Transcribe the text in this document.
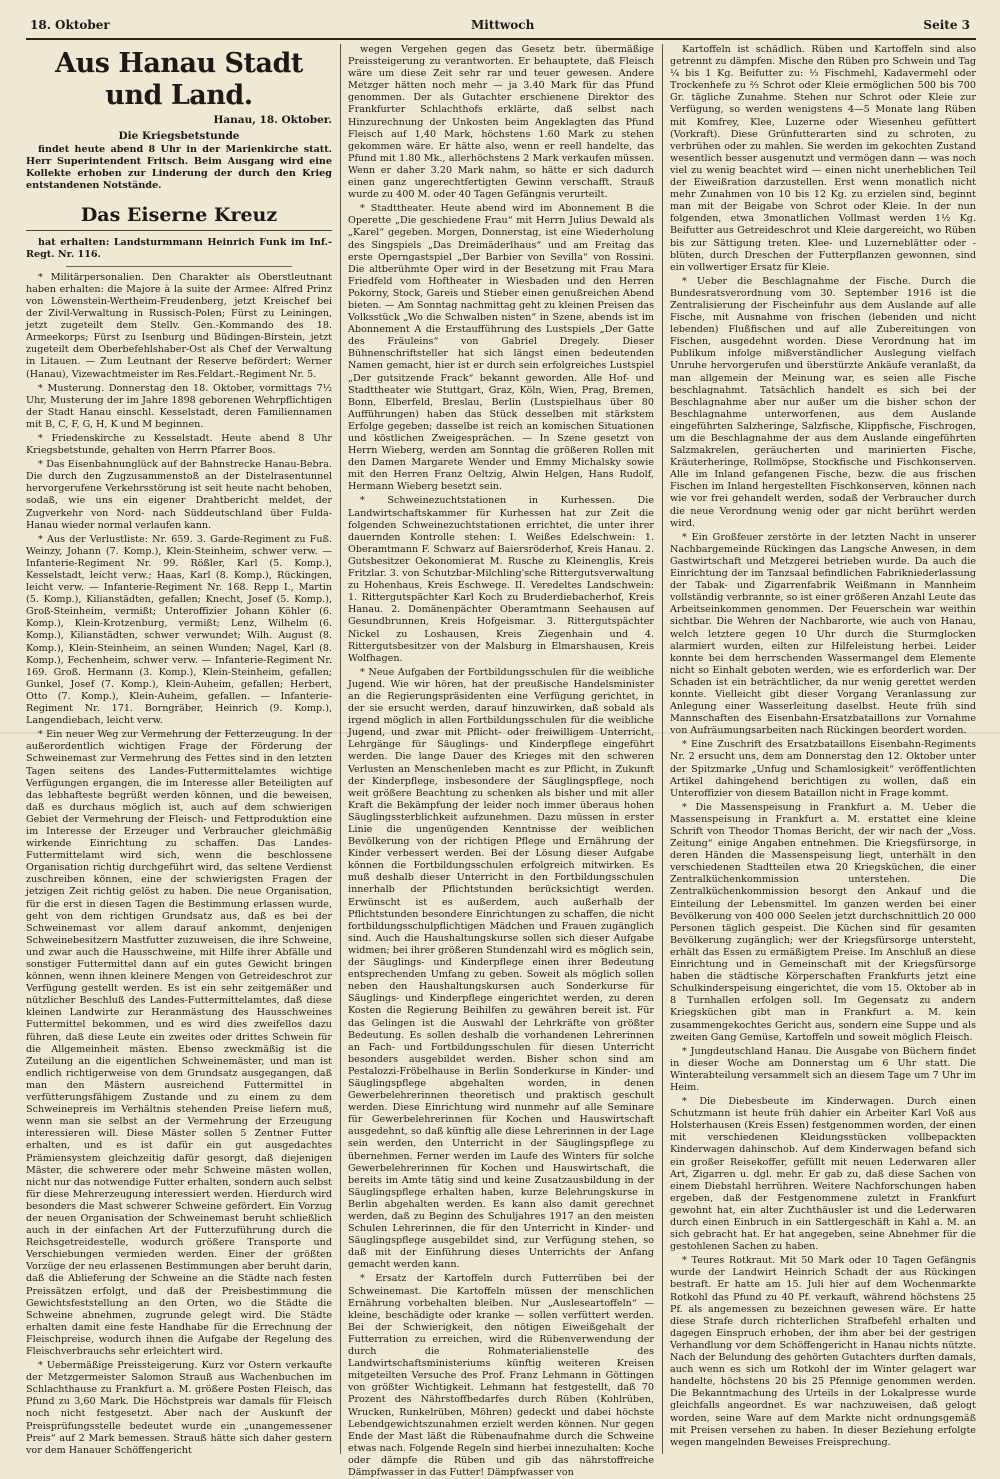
18. Oktober	Mittwoch	Seite 3
Aus Hanau Stadt und Land.
Hanau, 18. Oktober.
Die Kriegsbetstunde

findet heute abend 8 Uhr in der Marienkirche statt. Herr Superintendent Fritsch. Beim Ausgang wird eine Kollekte erhoben zur Linderung der durch den Krieg entstandenen Notstände.

Das Eiserne Kreuz

hat erhalten: Landsturmmann Heinrich Funk im Inf.-Regt. Nr. 116.

* Militärpersonalien. Den Charakter als Oberstleutnant haben erhalten: die Majore à la suite der Armee: Alfred Prinz von Löwenstein-Wertheim-Freudenberg, jetzt Kreischef bei der Zivil-Verwaltung in Russisch-Polen; Fürst zu Leiningen, jetzt zugeteilt dem Stellv. Gen.-Kommando des 18. Armeekorps; Fürst zu Isenburg und Büdingen-Birstein, jetzt zugeteilt dem Oberbefehlshaber-Ost als Chef der Verwaltung in Litauen. — Zum Leutnant der Reserve befördert: Werner (Hanau), Vizewachtmeister im Res.Feldart.-Regiment Nr. 5.

* Musterung. Donnerstag den 18. Oktober, vormittags 7½ Uhr, Musterung der im Jahre 1898 geborenen Wehrpflichtigen der Stadt Hanau einschl. Kesselstadt, deren Familiennamen mit B, C, F, G, H, K und M beginnen.

* Friedenskirche zu Kesselstadt. Heute abend 8 Uhr Kriegsbetstunde, gehalten von Herrn Pfarrer Boos.

* Das Eisenbahnunglück auf der Bahnstrecke Hanau-Bebra. Die durch den Zugzusammenstoß an der Distelrasentunnel hervorgerufene Verkehrsstörung ist seit heute nacht behoben, sodaß, wie uns ein eigener Drahtbericht meldet, der Zugverkehr von Nord- nach Süddeutschland über Fulda-Hanau wieder normal verlaufen kann.

* Aus der Verlustliste: Nr. 659. 3. Garde-Regiment zu Fuß. Weinzy, Johann (7. Komp.), Klein-Steinheim, schwer verw. — Infanterie-Regiment Nr. 99. Rößler, Karl (5. Komp.), Kesselstadt, leicht verw.; Haas, Karl (8. Komp.), Rückingen, leicht verw. — Infanterie-Regiment Nr. 168. Repp I., Martin (5. Komp.), Kilianstädten, gefallen; Knecht, Josef (5. Komp.), Groß-Steinheim, vermißt; Unteroffizier Johann Köhler (6. Komp.), Klein-Krotzenburg, vermißt; Lenz, Wilhelm (6. Komp.), Kilianstädten, schwer verwundet; Wilh. August (8. Komp.), Klein-Steinheim, an seinen Wunden; Nagel, Karl (8. Komp.), Fechenheim, schwer verw. — Infanterie-Regiment Nr. 169. Groß. Hermann (3. Komp.), Klein-Steinheim, gefallen; Gunkel, Josef (7. Komp.), Klein-Auheim, gefallen; Herbert, Otto (7. Komp.), Klein-Auheim, gefallen. — Infanterie-Regiment Nr. 171. Borngräber, Heinrich (9. Komp.), Langendiebach, leicht verw.

* Ein neuer Weg zur Vermehrung der Fetterzeugung. In der außerordentlich wichtigen Frage der Förderung der Schweinemast zur Vermehrung des Fettes sind in den letzten Tagen seitens des Landes-Futtermittelamtes wichtige Verfügungen ergangen, die im Interesse aller Beteiligten auf das lebhafteste begrüßt werden können, und die beweisen, daß es durchaus möglich ist, auch auf dem schwierigen Gebiet der Vermehrung der Fleisch- und Fettproduktion eine im Interesse der Erzeuger und Verbraucher gleichmäßig wirkende Einrichtung zu schaffen. Das Landes-Futtermittelamt wird sich, wenn die beschlossene Organisation richtig durchgeführt wird, das seltene Verdienst zuschreiben können, eine der schwierigsten Fragen der jetzigen Zeit richtig gelöst zu haben. Die neue Organisation, für die erst in diesen Tagen die Bestimmung erlassen wurde, geht von dem richtigen Grundsatz aus, daß es bei der Schweinemast vor allem darauf ankommt, denjenigen Schweinebesitzern Mastfutter zuzuweisen, die ihre Schweine, und zwar auch die Hausschweine, mit Hilfe ihrer Abfälle und sonstiger Futtermittel dann auf ein gutes Gewicht bringen können, wenn ihnen kleinere Mengen von Getreideschrot zur Verfügung gestellt werden. Es ist ein sehr zeitgemäßer und nützlicher Beschluß des Landes-Futtermittelamtes, daß diese kleinen Landwirte zur Heranmästung des Hausschweines Futtermittel bekommen, und es wird dies zweifellos dazu führen, daß diese Leute ein zweites oder drittes Schwein für die Allgemeinheit mästen. Ebenso zweckmäßig ist die Zuteilung an die eigentlichen Schweinemäster, und man ist endlich richtigerweise von dem Grundsatz ausgegangen, daß man den Mästern ausreichend Futtermittel in verfütterungsfähigem Zustande und zu einem zu dem Schweinepreis im Verhältnis stehenden Preise liefern muß, wenn man sie selbst an der Vermehrung der Erzeugung interessieren will. Diese Mäster sollen 5 Zentner Futter erhalten, und es ist dafür ein gut ausgedachtes Prämiensystem gleichzeitig dafür gesorgt, daß diejenigen Mäster, die schwerere oder mehr Schweine mästen wollen, nicht nur das notwendige Futter erhalten, sondern auch selbst für diese Mehrerzeugung interessiert werden. Hierdurch wird besonders die Mast schwerer Schweine gefördert. Ein Vorzug der neuen Organisation der Schweinemast beruht schließlich auch in der einfachen Art der Futterzuführung durch die Reichsgetreidestelle, wodurch größere Transporte und Verschiebungen vermieden werden. Einer der größten Vorzüge der neu erlassenen Bestimmungen aber beruht darin, daß die Ablieferung der Schweine an die Städte nach festen Preissätzen erfolgt, und daß der Preisbestimmung die Gewichtsfeststellung an den Orten, wo die Städte die Schweine abnehmen, zugrunde gelegt wird. Die Städte erhalten damit eine feste Handhabe für die Errechnung der Fleischpreise, wodurch ihnen die Aufgabe der Regelung des Fleischverbrauchs sehr erleichtert wird.

* Uebermäßige Preissteigerung. Kurz vor Ostern verkaufte der Metzgermeister Salomon Strauß aus Wachenbuchen im Schlachthause zu Frankfurt a. M. größere Posten Fleisch, das Pfund zu 3,60 Mark. Die Höchstpreis war damals für Fleisch noch nicht festgesetzt. Aber nach der Auskunft der Preisprüfungsstelle bedeutet wurde ein „unangemessener Preis“ auf 2 Mark bemessen. Strauß hätte sich daher gestern vor dem Hanauer Schöffengericht

wegen Vergehen gegen das Gesetz betr. übermäßige Preissteigerung zu verantworten. Er behauptete, daß Fleisch wäre um diese Zeit sehr rar und teuer gewesen. Andere Metzger hätten noch mehr — ja 3.40 Mark für das Pfund genommen. Der als Gutachter erschienene Direktor des Frankfurter Schlachthofs erklärte, daß selbst nach Hinzurechnung der Unkosten beim Angeklagten das Pfund Fleisch auf 1,40 Mark, höchstens 1.60 Mark zu stehen gekommen wäre. Er hätte also, wenn er reell handelte, das Pfund mit 1.80 Mk., allerhöchstens 2 Mark verkaufen müssen. Wenn er daher 3.20 Mark nahm, so hätte er sich dadurch einen ganz ungerechtfertigten Gewinn verschafft. Strauß wurde zu 400 M. oder 40 Tagen Gefängnis verurteilt.

* Stadttheater. Heute abend wird im Abonnement B die Operette „Die geschiedene Frau“ mit Herrn Julius Dewald als „Karel“ gegeben. Morgen, Donnerstag, ist eine Wiederholung des Singspiels „Das Dreimäderlhaus“ und am Freitag das erste Operngastspiel „Der Barbier von Sevilla“ von Rossini. Die altberühmte Oper wird in der Besetzung mit Frau Mara Friedfeld vom Hoftheater in Wiesbaden und den Herren Pokorny, Stock, Gareis und Stieber einen genußreichen Abend bieten. — Am Sonntag nachmittag geht zu kleinen Preisen das Volksstück „Wo die Schwalben nisten“ in Szene, abends ist im Abonnement A die Erstaufführung des Lustspiels „Der Gatte des Fräuleins“ von Gabriel Dregely. Dieser Bühnenschriftsteller hat sich längst einen bedeutenden Namen gemacht, hier ist er durch sein erfolgreiches Lustspiel „Der gutsitzende Frack“ bekannt geworden. Alle Hof- und Stadttheater wie Stuttgart, Graz, Köln, Wien, Prag, Bremen, Bonn, Elberfeld, Breslau, Berlin (Lustspielhaus über 80 Aufführungen) haben das Stück desselben mit stärkstem Erfolge gegeben; dasselbe ist reich an komischen Situationen und köstlichen Zweigesprächen. — In Szene gesetzt von Herrn Wieberg, werden am Sonntag die größeren Rollen mit den Damen Margarete Wender und Emmy Michalsky sowie mit den Herren Franz Oeltzig, Alwin Helgen, Hans Rudolf, Hermann Wieberg besetzt sein.

* Schweinezuchtstationen in Kurhessen. Die Landwirtschaftskammer für Kurhessen hat zur Zeit die folgenden Schweinezuchtstationen errichtet, die unter ihrer dauernden Kontrolle stehen: I. Weißes Edelschwein: 1. Oberamtmann F. Schwarz auf Baiersröderhof, Kreis Hanau. 2. Gutsbesitzer Oekonomierat M. Rusche zu Kleinenglis, Kreis Fritzlar. 3. von Schutzbar-Milchling'sche Rittergutsverwaltung zu Hohenhaus, Kreis Eschwege. II. Veredeltes Landschwein: 1. Rittergutspächter Karl Koch zu Bruderdiebacherhof, Kreis Hanau. 2. Domänenpächter Oberamtmann Seehausen auf Gesundbrunnen, Kreis Hofgeismar. 3. Rittergutspächter Nickel zu Loshausen, Kreis Ziegenhain und 4. Rittergutsbesitzer von der Malsburg in Elmarshausen, Kreis Wolfhagen.

* Neue Aufgaben der Fortbildungsschulen für die weibliche Jugend. Wie wir hören, hat der preußische Handelsminister an die Regierungspräsidenten eine Verfügung gerichtet, in der sie ersucht werden, darauf hinzuwirken, daß sobald als irgend möglich in allen Fortbildungsschulen für die weibliche Jugend, und zwar mit Pflicht- oder freiwilligem Unterricht, Lehrgänge für Säuglings- und Kinderpflege eingeführt werden. Die lange Dauer des Krieges mit den schweren Verlusten an Menschenleben macht es zur Pflicht, in Zukunft der Kinderpflege, insbesondere der Säuglingspflege, noch weit größere Beachtung zu schenken als bisher und mit aller Kraft die Bekämpfung der leider noch immer überaus hohen Säuglingssterblichkeit aufzunehmen. Dazu müssen in erster Linie die ungenügenden Kenntnisse der weiblichen Bevölkerung von der richtigen Pflege und Ernährung der Kinder verbessert werden. Bei der Lösung dieser Aufgabe können die Fortbildungsschulen erfolgreich mitwirken. Es muß deshalb dieser Unterricht in den Fortbildungsschulen innerhalb der Pflichtstunden berücksichtigt werden. Erwünscht ist es außerdem, auch außerhalb der Pflichtstunden besondere Einrichtungen zu schaffen, die nicht fortbildungsschulpflichtigen Mädchen und Frauen zugänglich sind. Auch die Haushaltungskurse sollen sich dieser Aufgabe widmen; bei ihrer größeren Stundenzahl wird es möglich sein, der Säuglings- und Kinderpflege einen ihrer Bedeutung entsprechenden Umfang zu geben. Soweit als möglich sollen neben den Haushaltungskursen auch Sonderkurse für Säuglings- und Kinderpflege eingerichtet werden, zu deren Kosten die Regierung Beihilfen zu gewähren bereit ist. Für das Gelingen ist die Auswahl der Lehrkräfte von größter Bedeutung. Es sollen deshalb die vorhandenen Lehrerinnen an Fach- und Fortbildungsschulen für diesen Unterricht besonders ausgebildet werden. Bisher schon sind am Pestalozzi-Fröbelhause in Berlin Sonderkurse in Kinder- und Säuglingspflege abgehalten worden, in denen Gewerbelehrerinnen theoretisch und praktisch geschult werden. Diese Einrichtung wird nunmehr auf alle Seminare für Gewerbelehrerinnen für Kochen und Hauswirtschaft ausgedehnt, so daß künftig alle diese Lehrerinnen in der Lage sein werden, den Unterricht in der Säuglingspflege zu übernehmen. Ferner werden im Laufe des Winters für solche Gewerbelehrerinnen für Kochen und Hauswirtschaft, die bereits im Amte tätig sind und keine Zusatzausbildung in der Säuglingspflege erhalten haben, kurze Belehrungskurse in Berlin abgehalten werden. Es kann also damit gerechnet werden, daß zu Beginn des Schuljahres 1917 an den meisten Schulen Lehrerinnen, die für den Unterricht in Kinder- und Säuglingspflege ausgebildet sind, zur Verfügung stehen, so daß mit der Einführung dieses Unterrichts der Anfang gemacht werden kann.

* Ersatz der Kartoffeln durch Futterrüben bei der Schweinemast. Die Kartoffeln müssen der menschlichen Ernährung vorbehalten bleiben. Nur „Ausleseartoffeln“ — kleine, beschädigte oder kranke — sollen verfüttert werden. Bei der Schwierigkeit, den nötigen Eiweißgehalt der Futterration zu erreichen, wird die Rübenverwendung der durch die Rohmaterialienstelle des Landwirtschaftsministeriums künftig weiteren Kreisen mitgeteilten Versuche des Prof. Franz Lehmann in Göttingen von größter Wichtigkeit. Lehmann hat festgestellt, daß 70 Prozent des Nährstoffbedarfes durch Rüben (Kohlrüben, Wrucken, Runkelrüben, Möhren) gedeckt und dabei höchste Lebendgewichtszunahmen erzielt werden können. Nur gegen Ende der Mast läßt die Rübenaufnahme durch die Schweine etwas nach. Folgende Regeln sind hierbei innezuhalten: Koche oder dämpfe die Rüben und gib das nährstoffreiche Dämpfwasser in das Futter! Dämpfwasser von

Kartoffeln ist schädlich. Rüben und Kartoffeln sind also getrennt zu dämpfen. Mische den Rüben pro Schwein und Tag ¼ bis 1 Kg. Beifutter zu: ⅓ Fischmehl, Kadavermehl oder Trockenhefe zu ⅔ Schrot oder Kleie ermöglichen 500 bis 700 Gr. tägliche Zunahme. Stehen nur Schrot oder Kleie zur Verfügung, so werden wenigstens 4—5 Monate lang Rüben mit Komfrey, Klee, Luzerne oder Wiesenheu gefüttert (Vorkraft). Diese Grünfutterarten sind zu schroten, zu verbrühen oder zu mahlen. Sie werden im gekochten Zustand wesentlich besser ausgenutzt und vermögen dann — was noch viel zu wenig beachtet wird — einen nicht unerheblichen Teil der Eiweißration darzustellen. Erst wenn monatlich nicht mehr Zunahmen von 10 bis 12 Kg. zu erzielen sind, beginnt man mit der Beigabe von Schrot oder Kleie. In der nun folgenden, etwa 3monatlichen Vollmast werden 1½ Kg. Beifutter aus Getreideschrot und Kleie dargereicht, wo Rüben bis zur Sättigung treten. Klee- und Luzerneblätter oder -blüten, durch Dreschen der Futterpflanzen gewonnen, sind ein vollwertiger Ersatz für Kleie.

* Ueber die Beschlagnahme der Fische. Durch die Bundesratsverordnung vom 30. September 1916 ist die Zentralisierung der Fischeinfuhr aus dem Auslande auf alle Fische, mit Ausnahme von frischen (lebenden und nicht lebenden) Flußfischen und auf alle Zubereitungen von Fischen, ausgedehnt worden. Diese Verordnung hat im Publikum infolge mißverständlicher Auslegung vielfach Unruhe hervorgerufen und überstürzte Ankäufe veranlaßt, da man allgemein der Meinung war, es seien alle Fische beschlagnahmt. Tatsächlich handelt es sich bei der Beschlagnahme aber nur außer um die bisher schon der Beschlagnahme unterworfenen, aus dem Auslande eingeführten Salzheringe, Salzfische, Klippfische, Fischrogen, um die Beschlagnahme der aus dem Auslande eingeführten Salzmakrelen, geräucherten und marinierten Fische, Kräuterheringe, Rollmöpse, Stockfische und Fischkonserven. Alle im Inland gefangenen Fische, bezw. die aus frischen Fischen im Inland hergestellten Fischkonserven, können nach wie vor frei gehandelt werden, sodaß der Verbraucher durch die neue Verordnung wenig oder gar nicht berührt werden wird.

* Ein Großfeuer zerstörte in der letzten Nacht in unserer Nachbargemeinde Rückingen das Langsche Anwesen, in dem Gastwirtschaft und Metzgerei betrieben wurde. Da auch die Einrichtung der im Tanzsaal befindlichen Fabrikniederlassung der Tabak- und Zigarrenfabrik Weißmann in Mannheim vollständig verbrannte, so ist einer größeren Anzahl Leute das Arbeitseinkommen genommen. Der Feuerschein war weithin sichtbar. Die Wehren der Nachbarorte, wie auch von Hanau, welch letztere gegen 10 Uhr durch die Sturmglocken alarmiert wurden, eilten zur Hilfeleistung herbei. Leider konnte bei dem herrschenden Wassermangel dem Elemente nicht so Einhalt geboten werden, wie es erforderlich war. Der Schaden ist ein beträchtlicher, da nur wenig gerettet werden konnte. Vielleicht gibt dieser Vorgang Veranlassung zur Anlegung einer Wasserleitung daselbst. Heute früh sind Mannschaften des Eisenbahn-Ersatzbataillons zur Vornahme von Aufräumungsarbeiten nach Rückingen beordert worden.

* Eine Zuschrift des Ersatzbataillons Eisenbahn-Regiments Nr. 2 ersucht uns, dem am Donnerstag den 12. Oktober unter der Spitzmarke „Unfug und Schamlosigkeit“ veröffentlichten Artikel dahingehend berichtigen zu wollen, daß ein Unteroffizier von diesem Bataillon nicht in Frage kommt.

* Die Massenspeisung in Frankfurt a. M. Ueber die Massenspeisung in Frankfurt a. M. erstattet eine kleine Schrift von Theodor Thomas Bericht, der wir nach der „Voss. Zeitung“ einige Angaben entnehmen. Die Kriegsfürsorge, in deren Händen die Massenspeisung liegt, unterhält in den verschiedenen Stadtteilen etwa 20 Kriegsküchen, die einer Zentralküchenkommission unterstehen. Die Zentralküchenkommission besorgt den Ankauf und die Einteilung der Lebensmittel. Im ganzen werden bei einer Bevölkerung von 400 000 Seelen jetzt durchschnittlich 20 000 Personen täglich gespeist. Die Küchen sind für gesamten Bevölkerung zugänglich; wer der Kriegsfürsorge untersteht, erhält das Essen zu ermäßigtem Preise. Im Anschluß an diese Einrichtung und in Gemeinschaft mit der Kriegsfürsorge haben die städtische Körperschaften Frankfurts jetzt eine Schulkinderspeisung eingerichtet, die vom 15. Oktober ab in 8 Turnhallen erfolgen soll. Im Gegensatz zu andern Kriegsküchen gibt man in Frankfurt a. M. kein zusammengekochtes Gericht aus, sondern eine Suppe und als zweiten Gang Gemüse, Kartoffeln und soweit möglich Fleisch.

* Jungdeutschland Hanau. Die Ausgabe von Büchern findet in dieser Woche am Donnerstag um 6 Uhr statt. Die Winterabteilung versammelt sich an diesem Tage um 7 Uhr im Heim.

* Die Diebesbeute im Kinderwagen. Durch einen Schutzmann ist heute früh dahier ein Arbeiter Karl Voß aus Holsterhausen (Kreis Essen) festgenommen worden, der einen mit verschiedenen Kleidungsstücken vollbepackten Kinderwagen dahinschob. Auf dem Kinderwagen befand sich ein großer Reisekoffer, gefüllt mit neuen Lederwaren aller Art, Zigarren u. dgl. mehr. Er gab zu, daß diese Sachen von einem Diebstahl herrühren. Weitere Nachforschungen haben ergeben, daß der Festgenommene zuletzt in Frankfurt gewohnt hat, ein alter Zuchthäusler ist und die Lederwaren durch einen Einbruch in ein Sattlergeschäft in Kahl a. M. an sich gebracht hat. Er hat angegeben, seine Abnehmer für die gestohlenen Sachen zu haben.

* Teures Rotkraut. Mit 50 Mark oder 10 Tagen Gefängnis wurde der Landwirt Heinrich Schadt der aus Rückingen bestraft. Er hatte am 15. Juli hier auf dem Wochenmarkte Rotkohl das Pfund zu 40 Pf. verkauft, während höchstens 25 Pf. als angemessen zu bezeichnen gewesen wäre. Er hatte diese Strafe durch richterlichen Strafbefehl erhalten und dagegen Einspruch erhoben, der ihm aber bei der gestrigen Verhandlung vor dem Schöffengericht in Hanau nichts nützte. Nach der Belundung des gehörten Gutachters durften damals, auch wenn es sich um Rotkohl der im Winter gelagert war handelte, höchstens 20 bis 25 Pfennige genommen werden. Die Bekanntmachung des Urteils in der Lokalpresse wurde gleichfalls angeordnet. Es war nachzuweisen, daß gelogt worden, seine Ware auf dem Markte nicht ordnungsgemäß mit Preisen versehen zu haben. In dieser Beziehung erfolgte wegen mangelnden Beweises Freisprechung.
